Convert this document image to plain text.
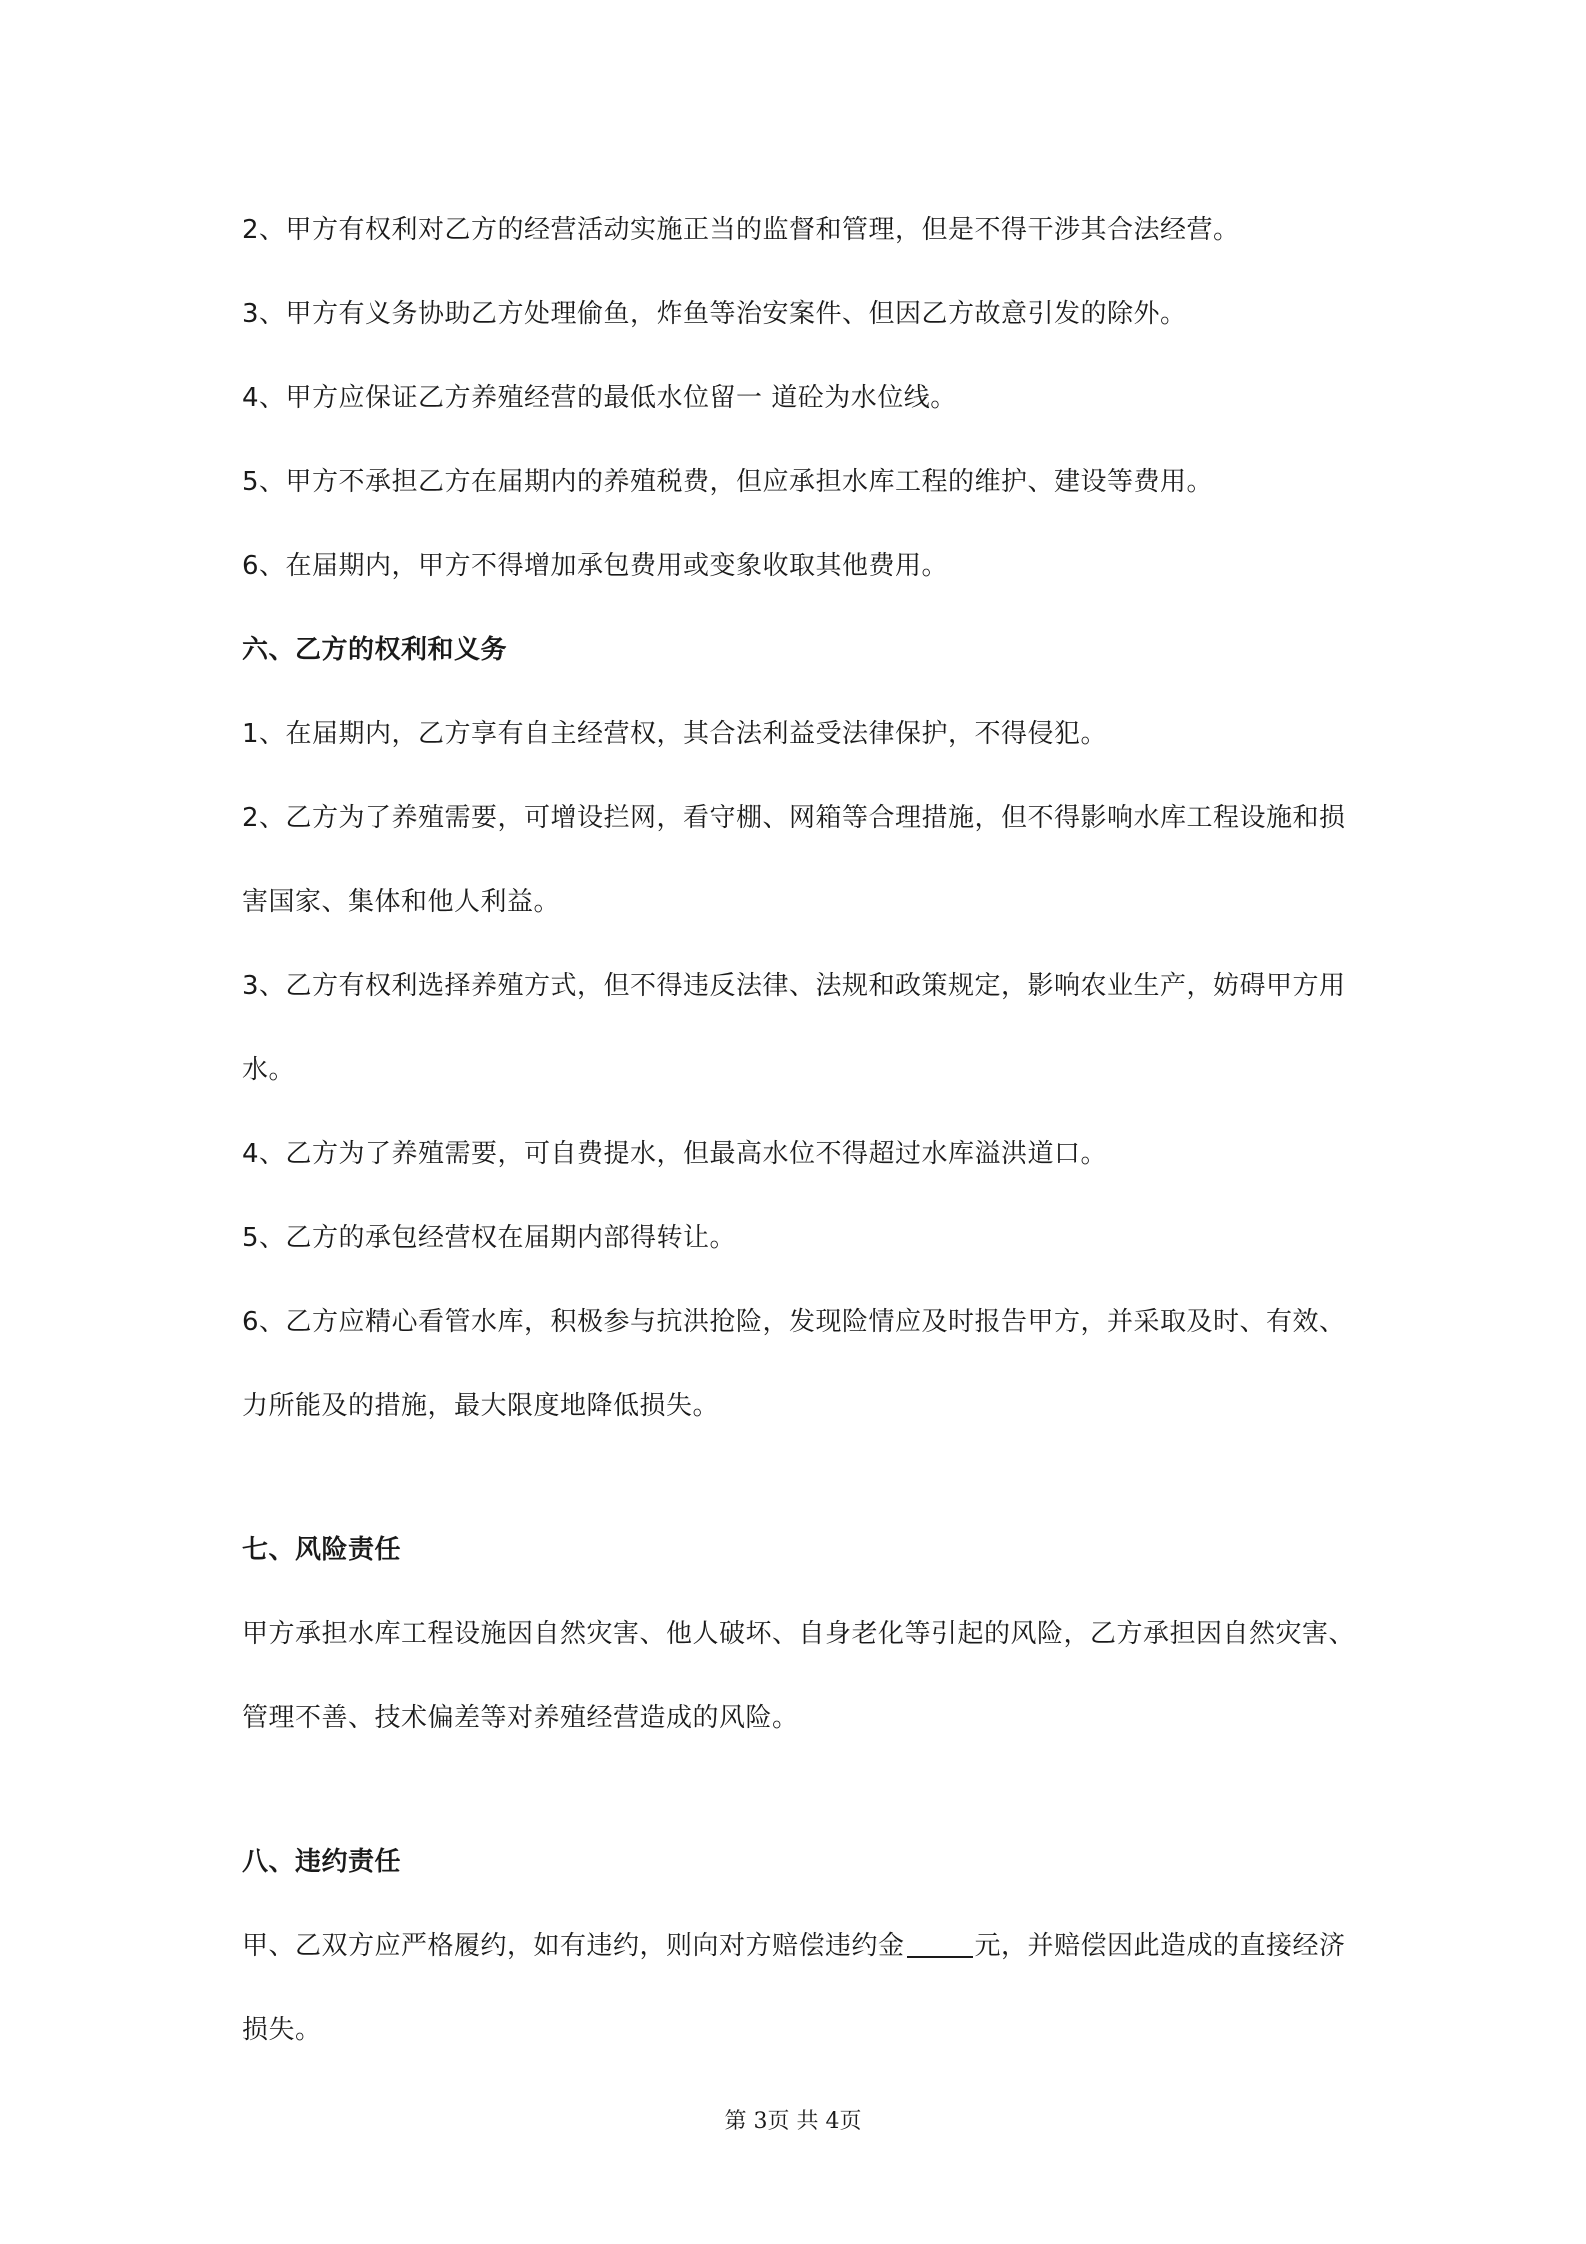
2、甲方有权利对乙方的经营活动实施正当的监督和管理，但是不得干涉其合法经营。
3、甲方有义务协助乙方处理偷鱼，炸鱼等治安案件、但因乙方故意引发的除外。
4、甲方应保证乙方养殖经营的最低水位留一 道砼为水位线。
5、甲方不承担乙方在届期内的养殖税费，但应承担水库工程的维护、建设等费用。
6、在届期内，甲方不得增加承包费用或变象收取其他费用。
六、乙方的权利和义务
1、在届期内，乙方享有自主经营权，其合法利益受法律保护，不得侵犯。
2、乙方为了养殖需要，可增设拦网，看守棚、网箱等合理措施，但不得影响水库工程设施和损
害国家、集体和他人利益。
3、乙方有权利选择养殖方式，但不得违反法律、法规和政策规定，影响农业生产，妨碍甲方用
水。
4、乙方为了养殖需要，可自费提水，但最高水位不得超过水库溢洪道口。
5、乙方的承包经营权在届期内部得转让。
6、乙方应精心看管水库，积极参与抗洪抢险，发现险情应及时报告甲方，并采取及时、有效、
力所能及的措施，最大限度地降低损失。
七、风险责任
甲方承担水库工程设施因自然灾害、他人破坏、自身老化等引起的风险，乙方承担因自然灾害、
管理不善、技术偏差等对养殖经营造成的风险。
八、违约责任
甲、乙双方应严格履约，如有违约，则向对方赔偿违约金	元，并赔偿因此造成的直接经济
损失。
第 3页 共 4页
